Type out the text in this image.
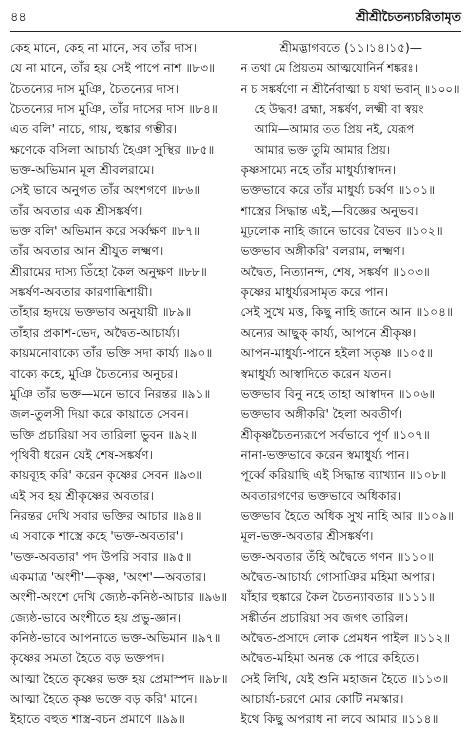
৪৪	শ্রীশ্রীচৈতন্যচরিতামৃত
কেহ মানে, কেহ না মানে, সব তাঁর দাস।
যে না মানে, তাঁর হয় সেই পাপে নাশ ॥৮৩॥
চৈতন্যের দাস মুঞি, চৈতন্যের দাস।
চৈতন্যের দাস মুঞি, তাঁর দাসের দাস ॥৮৪॥
এত বলি' নাচে, গায়, হুঙ্কার গম্ভীর।
ক্ষণেকে বসিলা আচার্য্য হৈঞা সুস্থির ॥৮৫॥
ভক্ত-অভিমান মূল শ্রীবলরামে।
সেই ভাবে অনুগত তাঁর অংশগণে ॥৮৬॥
তাঁর অবতার এক শ্রীসঙ্কর্ষণ।
ভক্ত বলি' অভিমান করে সর্ব্বক্ষণ ॥৮৭॥
তাঁর অবতার আন শ্রীযুত লক্ষ্মণ।
শ্রীরামের দাস্য তিঁহো কৈল অনুক্ষণ ॥৮৮॥
সঙ্কর্ষণ-অবতার কারণাব্ধিশায়ী।
তাঁহার হৃদয়ে ভক্তভাব অনুযায়ী ॥৮৯॥
তাঁহার প্রকাশ-ভেদ, অদ্বৈত-আচার্য্য।
কায়মনোবাক্যে তাঁর ভক্তি সদা কার্য্য ॥৯০॥
বাক্যে কহে, মুঞি চৈতন্যের অনুচর।
মুঞি তাঁর ভক্ত—মনে ভাবে নিরন্তর ॥৯১॥
জল-তুলসী দিয়া করে কায়াতে সেবন।
ভক্তি প্রচারিয়া সব তারিলা ভুবন ॥৯২॥
পৃথিবী ধরেন যেই শেষ-সঙ্কর্ষণ।
কায়ব্যূহ করি' করেন কৃষ্ণের সেবন ॥৯৩॥
এই সব হয় শ্রীকৃষ্ণের অবতার।
নিরন্তর দেখি সবার ভক্তির আচার ॥৯৪॥
এ সবাকে শাস্ত্রে কহে 'ভক্ত-অবতার'।
'ভক্ত-অবতার' পদ উপরি সবার ॥৯৫॥
একমাত্র 'অংশী'—কৃষ্ণ, 'অংশ'—অবতার।
অংশী-অংশে দেখি জ্যেষ্ঠ-কনিষ্ঠ-আচার ॥৯৬॥
জ্যেষ্ঠ-ভাবে অংশীতে হয় প্রভু-জ্ঞান।
কনিষ্ঠ-ভাবে আপনাতে ভক্ত-অভিমান ॥৯৭॥
কৃষ্ণের সমতা হৈতে বড় ভক্তপদ।
আত্মা হৈতে কৃষ্ণের ভক্ত হয় প্রেমাস্পদ ॥৯৮॥
আত্মা হৈতে কৃষ্ণ ভক্তে বড় করি' মানে।
ইহাতে বহুত শাস্ত্র-বচন প্রমাণে ॥৯৯॥
শ্রীমদ্ভাগবতে (১১।১৪।১৫)—
ন তথা মে প্রিয়তম আত্মযোনির্ন শঙ্করঃ।
ন চ সঙ্কর্ষণো ন শ্রীর্নৈবাত্মা চ যথা ভবান্ ॥১০০॥
হে উদ্ধব! ব্রহ্মা, সঙ্কর্ষণ, লক্ষ্মী বা স্বয়ং
আমি—আমার তত প্রিয় নই, যেরূপ
আমার ভক্ত তুমি আমার প্রিয়।
কৃষ্ণসাম্যে নহে তাঁর মাধুর্য্যাস্বাদন।
ভক্তভাবে করে তাঁর মাধুর্য্য চর্ব্বণ ॥১০১॥
শাস্ত্রের সিদ্ধান্ত এই,—বিজ্ঞের অনুভব।
মূঢ়লোক নাহি জানে ভাবের বৈভব ॥১০২॥
ভক্তভাব অঙ্গীকরি' বলরাম, লক্ষ্মণ।
অদ্বৈত, নিত্যানন্দ, শেষ, সঙ্কর্ষণ ॥১০৩॥
কৃষ্ণের মাধুর্য্যরসামৃত করে পান।
সেই সুখে মত্ত, কিছু নাহি জানে আন ॥১০৪॥
অন্যের আছুক্ কার্য্য, আপনে শ্রীকৃষ্ণ।
আপন-মাধুর্য্য-পানে হইলা সতৃষ্ণ ॥১০৫॥
স্বমাধুর্য্য আস্বাদিতে করেন যতন।
ভক্তভাব বিনু নহে তাহা আস্বাদন ॥১০৬॥
ভক্তভাব অঙ্গীকরি' হৈলা অবতীর্ণ।
শ্রীকৃষ্ণচৈতন্যরূপে সর্বভাবে পূর্ণ ॥১০৭॥
নানা-ভক্তভাবে করেন স্বমাধুর্য্য পান।
পূর্ব্বে করিয়াছি এই সিদ্ধান্ত ব্যাখ্যান ॥১০৮॥
অবতারগণের ভক্তভাবে অধিকার।
ভক্তভাব হৈতে অধিক সুখ নাহি আর ॥১০৯॥
মূল-ভক্ত-অবতার শ্রীসঙ্কর্ষণ।
ভক্ত-অবতার তঁহি অদ্বৈতে গণন ॥১১০॥
অদ্বৈত-আচার্য্য গোসাঞির মহিমা অপার।
যাঁহার হুঙ্কারে কৈল চৈতন্যাবতার ॥১১১॥
সঙ্কীর্তন প্রচারিয়া সব জগৎ তারিল।
অদ্বৈত-প্রসাদে লোক প্রেমধন পাইল ॥১১২॥
অদ্বৈত-মহিমা অনন্ত কে পারে কহিতে।
সেই লিখি, যেই শুনি মহাজন হৈতে ॥১১৩॥
আচার্য্য-চরণে মোর কোটি নমস্কার।
ইথে কিছু অপরাধ না লবে আমার ॥১১৪॥
